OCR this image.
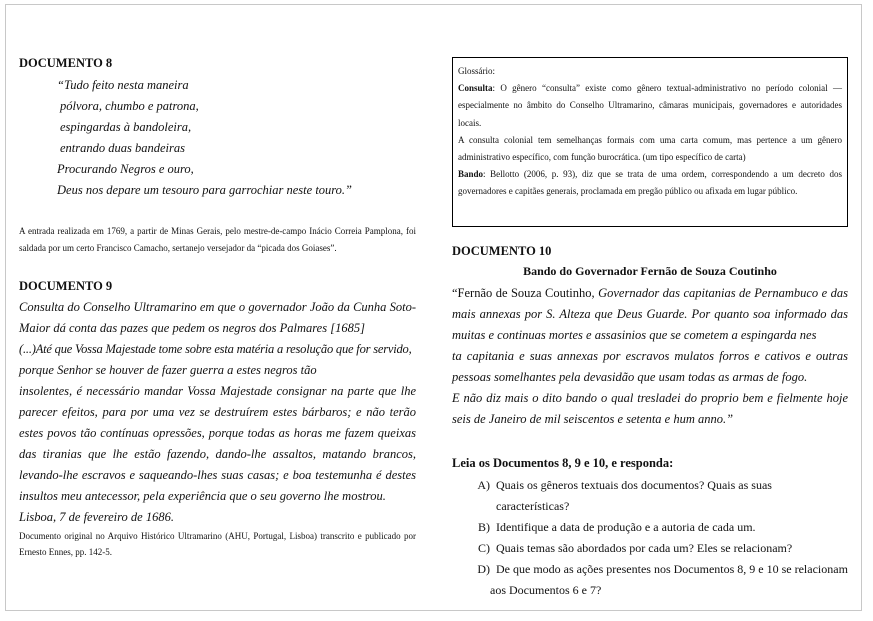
DOCUMENTO 8

“Tudo feito nesta maneira
pólvora, chumbo e patrona,
espingardas à bandoleira,
entrando duas bandeiras
Procurando Negros e ouro,
Deus nos depare um tesouro para garrochiar neste touro.”

A entrada realizada em 1769, a partir de Minas Gerais, pelo mestre-de-campo Inácio Correia Pamplona, foi saldada por um certo Francisco Camacho, sertanejo versejador da “picada dos Goiases”.

DOCUMENTO 9

Consulta do Conselho Ultramarino em que o governador João da Cunha Soto-Maior dá conta das pazes que pedem os negros dos Palmares [1685]

(...)Até que Vossa Majestade tome sobre esta matéria a resolução que for servido,

porque Senhor se houver de fazer guerra a estes negros tão

insolentes, é necessário mandar Vossa Majestade consignar na parte que lhe parecer efeitos, para por uma vez se destruírem estes bárbaros; e não terão estes povos tão contínuas opressões, porque todas as horas me fazem queixas das tiranias que lhe estão fazendo, dando-lhe assaltos, matando brancos, levando-lhe escravos e saqueando-lhes suas casas; e boa testemunha é destes insultos meu antecessor, pela experiência que o seu governo lhe mostrou.

Lisboa, 7 de fevereiro de 1686.

Documento original no Arquivo Histórico Ultramarino (AHU, Portugal, Lisboa) transcrito e publicado por Ernesto Ennes, pp. 142-5.

Glossário:

Consulta: O gênero “consulta” existe como gênero textual-administrativo no período colonial — especialmente no âmbito do Conselho Ultramarino, câmaras municipais, governadores e autoridades locais.

A consulta colonial tem semelhanças formais com uma carta comum, mas pertence a um gênero administrativo específico, com função burocrática. (um tipo específico de carta)

Bando: Bellotto (2006, p. 93), diz que se trata de uma ordem, correspondendo a um decreto dos governadores e capitães generais, proclamada em pregão público ou afixada em lugar público.

DOCUMENTO 10

Bando do Governador Fernão de Souza Coutinho

“Fernão de Souza Coutinho, Governador das capitanias de Pernambuco e das mais annexas por S. Alteza que Deus Guarde. Por quanto soa informado das muitas e continuas mortes e assasinios que se cometem a espingarda nes

ta capitania e suas annexas por escravos mulatos forros e cativos e outras pessoas somelhantes pela devasidão que usam todas as armas de fogo.

E não diz mais o dito bando o qual tresladei do proprio bem e fielmente hoje seis de Janeiro de mil seiscentos e setenta e hum anno.”

Leia os Documentos 8, 9 e 10, e responda:

A) Quais os gêneros textuais dos documentos? Quais as suas características?
B) Identifique a data de produção e a autoria de cada um.
C) Quais temas são abordados por cada um? Eles se relacionam?
D) De que modo as ações presentes nos Documentos 8, 9 e 10 se relacionam
aos Documentos 6 e 7?
